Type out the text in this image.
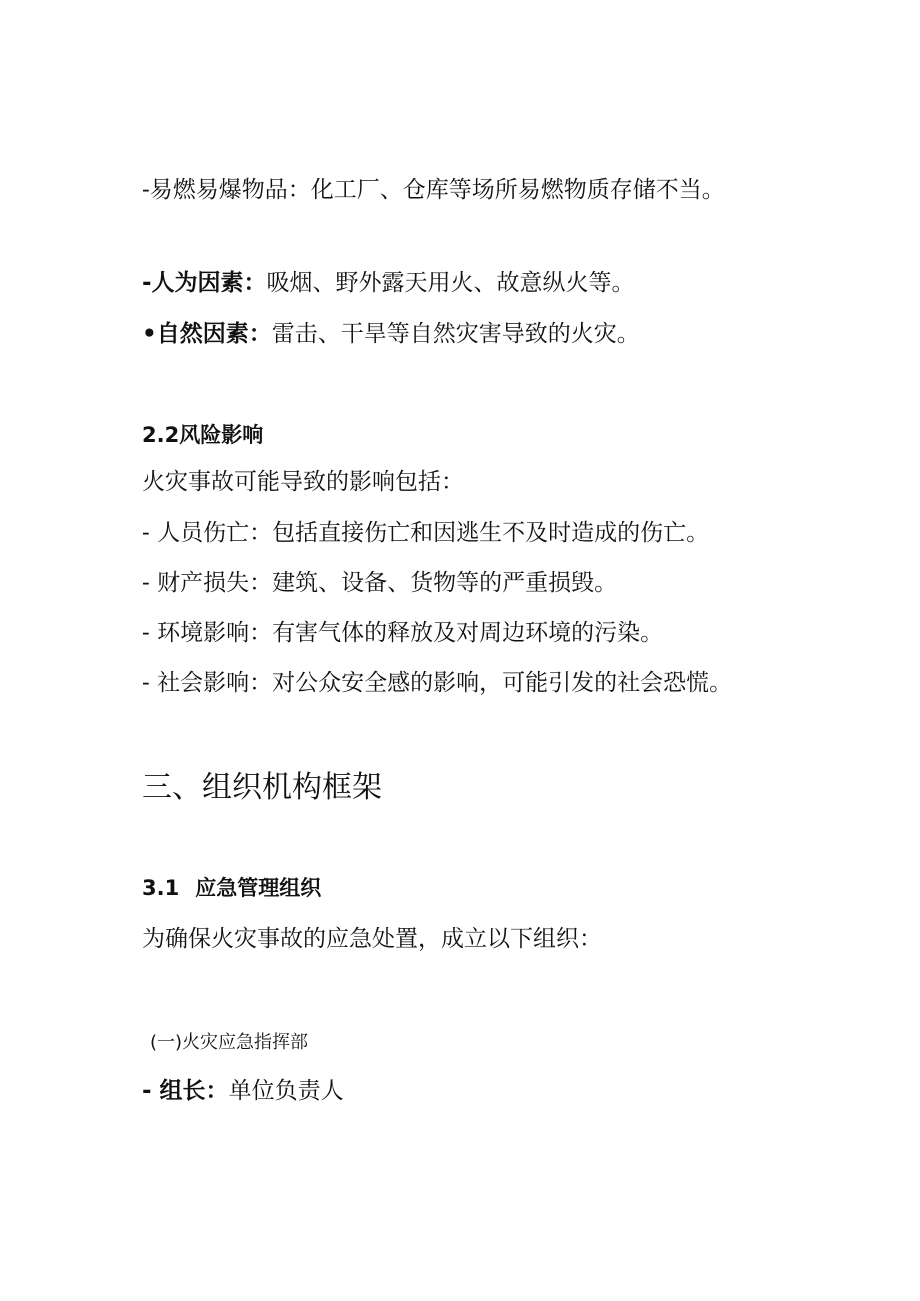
-易燃易爆物品：化工厂、仓库等场所易燃物质存储不当。
-人为因素：吸烟、野外露天用火、故意纵火等。
•自然因素：雷击、干旱等自然灾害导致的火灾。
2.2风险影响
火灾事故可能导致的影响包括：
- 人员伤亡：包括直接伤亡和因逃生不及时造成的伤亡。
- 财产损失：建筑、设备、货物等的严重损毁。
- 环境影响：有害气体的释放及对周边环境的污染。
- 社会影响：对公众安全感的影响，可能引发的社会恐慌。
三、组织机构框架
3.1 应急管理组织
为确保火灾事故的应急处置，成立以下组织：
(一)火灾应急指挥部
- 组长：单位负责人
